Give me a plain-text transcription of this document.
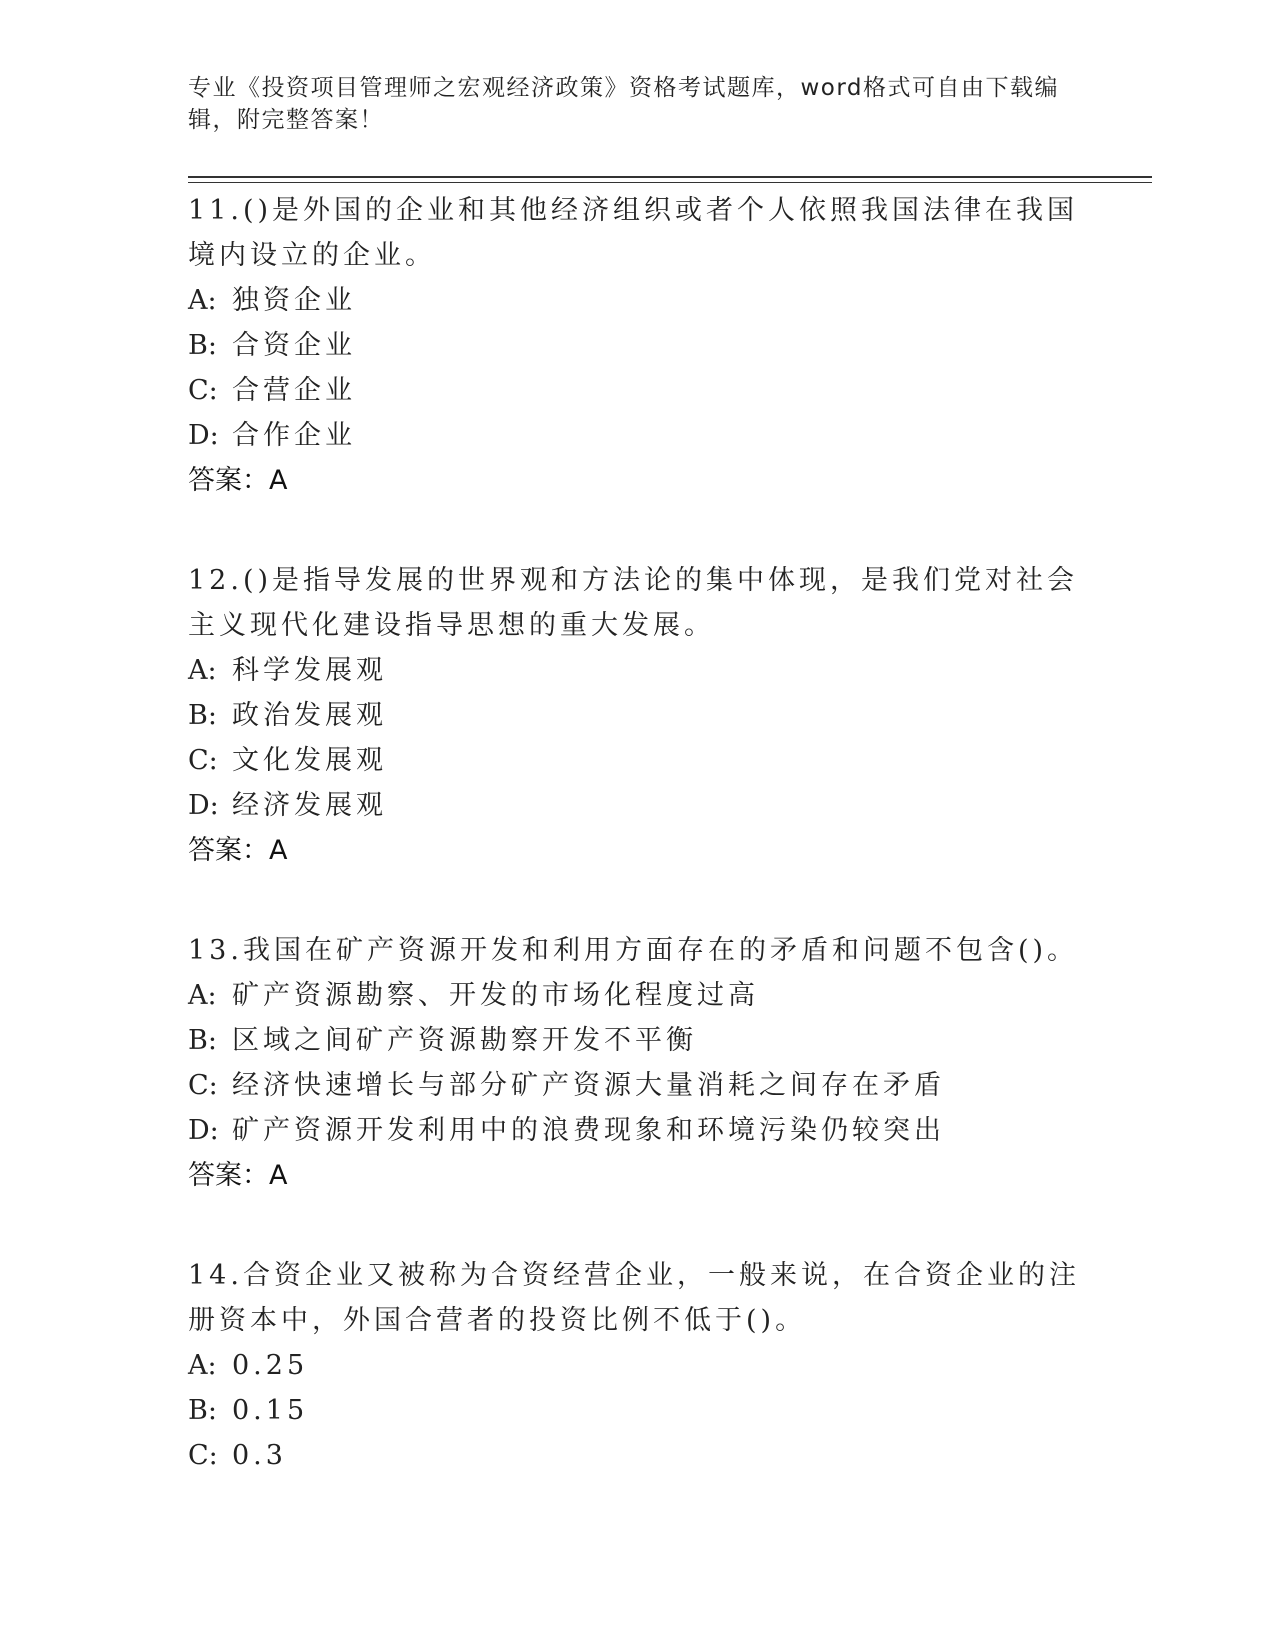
专业《投资项目管理师之宏观经济政策》资格考试题库，word格式可自由下载编
辑，附完整答案！

11.()是外国的企业和其他经济组织或者个人依照我国法律在我国境内设立的企业。

A: 独资企业

B: 合资企业

C: 合营企业

D: 合作企业

答案：A

12.()是指导发展的世界观和方法论的集中体现，是我们党对社会主义现代化建设指导思想的重大发展。

A: 科学发展观

B: 政治发展观

C: 文化发展观

D: 经济发展观

答案：A

13.我国在矿产资源开发和利用方面存在的矛盾和问题不包含()。

A: 矿产资源勘察、开发的市场化程度过高

B: 区域之间矿产资源勘察开发不平衡

C: 经济快速增长与部分矿产资源大量消耗之间存在矛盾

D: 矿产资源开发利用中的浪费现象和环境污染仍较突出

答案：A

14.合资企业又被称为合资经营企业，一般来说，在合资企业的注册资本中，外国合营者的投资比例不低于()。

A: 0.25

B: 0.15

C: 0.3
